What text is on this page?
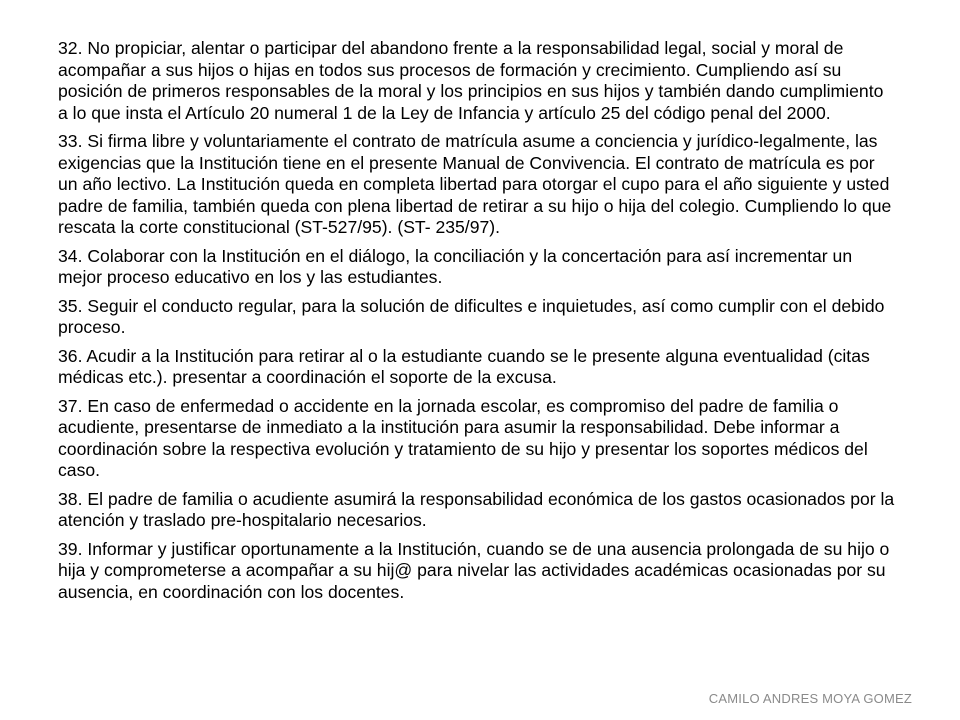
32. No propiciar, alentar o participar del abandono frente a la responsabilidad legal, social y moral de acompañar a sus hijos o hijas en todos sus procesos de formación y crecimiento. Cumpliendo así su posición de primeros responsables de la moral y los principios en sus hijos y también dando cumplimiento a lo que insta el Artículo 20 numeral 1 de la Ley de Infancia y artículo 25 del código penal del 2000.

33. Si firma libre y voluntariamente el contrato de matrícula asume a conciencia y jurídico-legalmente, las exigencias que la Institución tiene en el presente Manual de Convivencia. El contrato de matrícula es por un año lectivo. La Institución queda en completa libertad para otorgar el cupo para el año siguiente y usted padre de familia, también queda con plena libertad de retirar a su hijo o hija del colegio. Cumpliendo lo que rescata la corte constitucional (ST-527/95). (ST- 235/97).

34. Colaborar con la Institución en el diálogo, la conciliación y la concertación para así incrementar un mejor proceso educativo en los y las estudiantes.

35. Seguir el conducto regular, para la solución de dificultes e inquietudes, así como cumplir con el debido proceso.

36. Acudir a la Institución para retirar al o la estudiante cuando se le presente alguna eventualidad (citas médicas etc.). presentar a coordinación el soporte de la excusa.

37. En caso de enfermedad o accidente en la jornada escolar, es compromiso del padre de familia o acudiente, presentarse de inmediato a la institución para asumir la responsabilidad. Debe informar a coordinación sobre la respectiva evolución y tratamiento de su hijo y presentar los soportes médicos del caso.

38. El padre de familia o acudiente asumirá la responsabilidad económica de los gastos ocasionados por la atención y traslado pre-hospitalario necesarios.

39. Informar y justificar oportunamente a la Institución, cuando se de una ausencia prolongada de su hijo o hija y comprometerse a acompañar a su hij@ para nivelar las actividades académicas ocasionadas por su ausencia, en coordinación con los docentes.

CAMILO ANDRES MOYA GOMEZ
